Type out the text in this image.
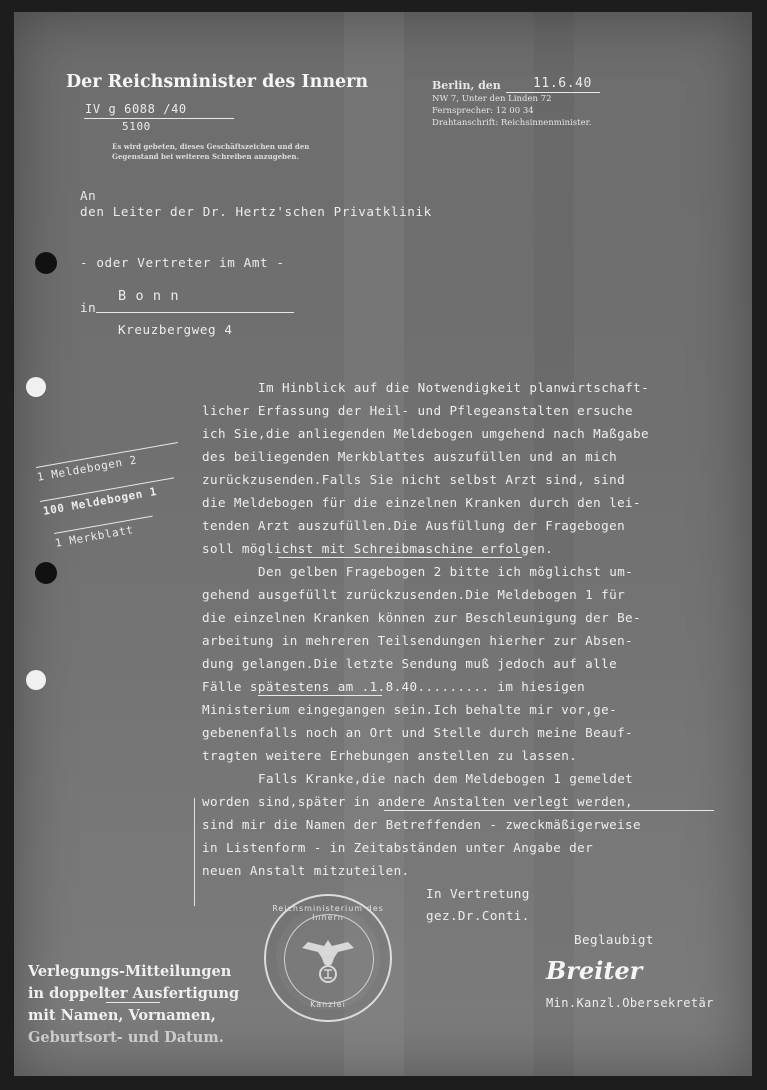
Der Reichsminister des Innern
IV g 6088 /40
5100
Es wird gebeten, dieses Geschäftszeichen und den
Gegenstand bei weiteren Schreiben anzugeben.
Berlin, den 11.6.40
NW 7, Unter den Linden 72
Fernsprecher: 12 00 34
Drahtanschrift: Reichsinnenminister.
An
den Leiter der Dr. Hertz'schen Privatklinik
- oder Vertreter im Amt -
in
B o n n
Kreuzbergweg 4
1 Meldebogen 2
100 Meldebogen 1
1 Merkblatt
Im Hinblick auf die Notwendigkeit planwirtschaft-
licher Erfassung der Heil- und Pflegeanstalten ersuche
ich Sie,die anliegenden Meldebogen umgehend nach Maßgabe
des beiliegenden Merkblattes auszufüllen und an mich
zurückzusenden.Falls Sie nicht selbst Arzt sind, sind
die Meldebogen für die einzelnen Kranken durch den lei-
tenden Arzt auszufüllen.Die Ausfüllung der Fragebogen
soll möglichst mit Schreibmaschine erfolgen.
Den gelben Fragebogen 2 bitte ich möglichst um-
gehend ausgefüllt zurückzusenden.Die Meldebogen 1 für
die einzelnen Kranken können zur Beschleunigung der Be-
arbeitung in mehreren Teilsendungen hierher zur Absen-
dung gelangen.Die letzte Sendung muß jedoch auf alle
Fälle spätestens am .1.8.40......... im hiesigen
Ministerium eingegangen sein.Ich behalte mir vor,ge-
gebenenfalls noch an Ort und Stelle durch meine Beauf-
tragten weitere Erhebungen anstellen zu lassen.
Falls Kranke,die nach dem Meldebogen 1 gemeldet
worden sind,später in andere Anstalten verlegt werden,
sind mir die Namen der Betreffenden - zweckmäßigerweise
in Listenform - in Zeitabständen unter Angabe der
neuen Anstalt mitzuteilen.
In Vertretung
gez.Dr.Conti.
Beglaubigt
Breiter
Min.Kanzl.Obersekretär
Reichsministerium des Innern
Kanzlei
Verlegungs-Mitteilungen
in doppelter Ausfertigung
mit Namen, Vornamen,
Geburtsort- und Datum.
